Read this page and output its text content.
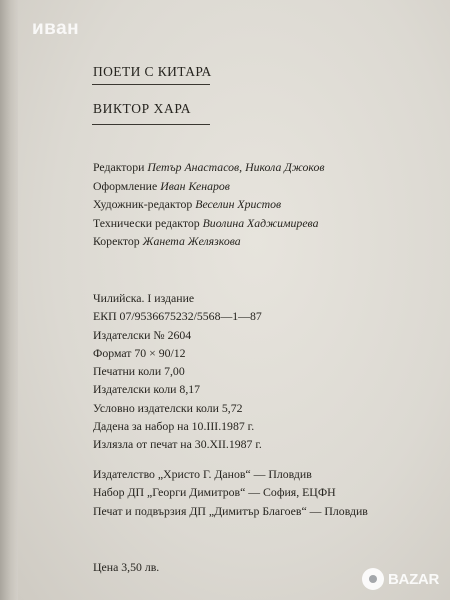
иван
ПОЕТИ С КИТАРА
ВИКТОР ХАРА
Редактори Петър Анастасов, Никола Джоков
Оформление Иван Кенаров
Художник-редактор Веселин Христов
Технически редактор Виолина Хаджимирева
Коректор Жанета Желязкова
Чилийска. I издание
ЕКП 07/9536675232/5568—1—87
Издателски № 2604
Формат 70 × 90/12
Печатни коли 7,00
Издателски коли 8,17
Условно издателски коли 5,72
Дадена за набор на 10.III.1987 г.
Излязла от печат на 30.XII.1987 г.
Издателство „Христо Г. Данов“ — Пловдив
Набор ДП „Георги Димитров“ — София, ЕЦФН
Печат и подвързия ДП „Димитър Благоев“ — Пловдив
Цена 3,50 лв.
BAZAR
